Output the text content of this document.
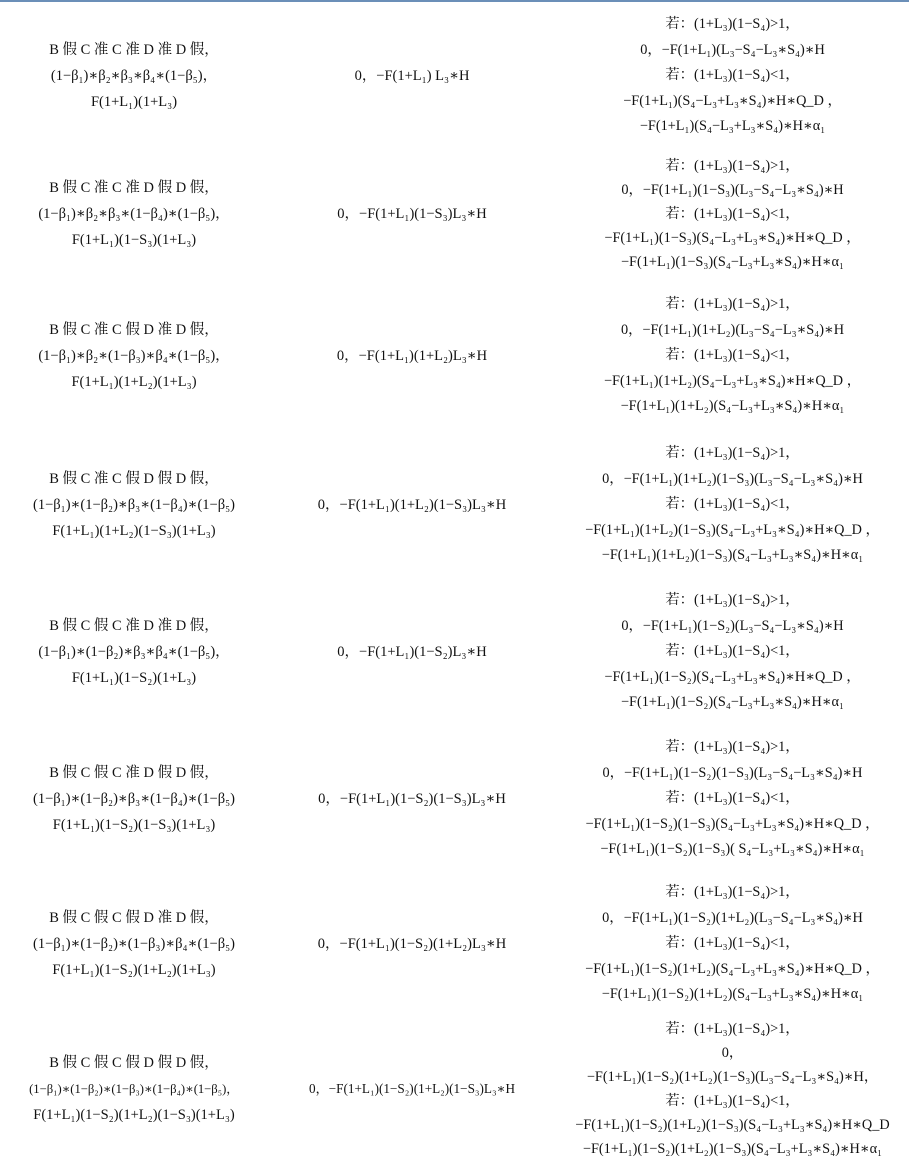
B 假 C 准 C 准 D 准 D 假，
(1−β₁)∗β₂∗β₃∗β₄∗(1−β₅)，
F(1+L₁)(1+L₃)
0，−F(1+L₁) L₃∗H
若：(1+L₃)(1−S₄)>1，
0，−F(1+L₁)(L₃−S₄−L₃∗S₄)∗H
若：(1+L₃)(1−S₄)<1，
−F(1+L₁)(S₄−L₃+L₃∗S₄)∗H∗Q_D ，
−F(1+L₁)(S₄−L₃+L₃∗S₄)∗H∗α₁
B 假 C 准 C 准 D 假 D 假，
(1−β₁)∗β₂∗β₃∗(1−β₄)∗(1−β₅)，
F(1+L₁)(1−S₃)(1+L₃)
0，−F(1+L₁)(1−S₃)L₃∗H
若：(1+L₃)(1−S₄)>1，
0，−F(1+L₁)(1−S₃)(L₃−S₄−L₃∗S₄)∗H
若：(1+L₃)(1−S₄)<1，
−F(1+L₁)(1−S₃)(S₄−L₃+L₃∗S₄)∗H∗Q_D ，
−F(1+L₁)(1−S₃)(S₄−L₃+L₃∗S₄)∗H∗α₁
B 假 C 准 C 假 D 准 D 假，
(1−β₁)∗β₂∗(1−β₃)∗β₄∗(1−β₅)，
F(1+L₁)(1+L₂)(1+L₃)
0，−F(1+L₁)(1+L₂)L₃∗H
若：(1+L₃)(1−S₄)>1，
0，−F(1+L₁)(1+L₂)(L₃−S₄−L₃∗S₄)∗H
若：(1+L₃)(1−S₄)<1，
−F(1+L₁)(1+L₂)(S₄−L₃+L₃∗S₄)∗H∗Q_D ，
−F(1+L₁)(1+L₂)(S₄−L₃+L₃∗S₄)∗H∗α₁
B 假 C 准 C 假 D 假 D 假，
(1−β₁)∗(1−β₂)∗β₃∗(1−β₄)∗(1−β₅)
F(1+L₁)(1+L₂)(1−S₃)(1+L₃)
0，−F(1+L₁)(1+L₂)(1−S₃)L₃∗H
若：(1+L₃)(1−S₄)>1，
0，−F(1+L₁)(1+L₂)(1−S₃)(L₃−S₄−L₃∗S₄)∗H
若：(1+L₃)(1−S₄)<1，
−F(1+L₁)(1+L₂)(1−S₃)(S₄−L₃+L₃∗S₄)∗H∗Q_D ，
−F(1+L₁)(1+L₂)(1−S₃)(S₄−L₃+L₃∗S₄)∗H∗α₁
B 假 C 假 C 准 D 准 D 假，
(1−β₁)∗(1−β₂)∗β₃∗β₄∗(1−β₅)，
F(1+L₁)(1−S₂)(1+L₃)
0，−F(1+L₁)(1−S₂)L₃∗H
若：(1+L₃)(1−S₄)>1，
0，−F(1+L₁)(1−S₂)(L₃−S₄−L₃∗S₄)∗H
若：(1+L₃)(1−S₄)<1，
−F(1+L₁)(1−S₂)(S₄−L₃+L₃∗S₄)∗H∗Q_D ，
−F(1+L₁)(1−S₂)(S₄−L₃+L₃∗S₄)∗H∗α₁
B 假 C 假 C 准 D 假 D 假，
(1−β₁)∗(1−β₂)∗β₃∗(1−β₄)∗(1−β₅)
F(1+L₁)(1−S₂)(1−S₃)(1+L₃)
0，−F(1+L₁)(1−S₂)(1−S₃)L₃∗H
若：(1+L₃)(1−S₄)>1，
0，−F(1+L₁)(1−S₂)(1−S₃)(L₃−S₄−L₃∗S₄)∗H
若：(1+L₃)(1−S₄)<1，
−F(1+L₁)(1−S₂)(1−S₃)(S₄−L₃+L₃∗S₄)∗H∗Q_D ，
−F(1+L₁)(1−S₂)(1−S₃)( S₄−L₃+L₃∗S₄)∗H∗α₁
B 假 C 假 C 假 D 准 D 假，
(1−β₁)∗(1−β₂)∗(1−β₃)∗β₄∗(1−β₅)
F(1+L₁)(1−S₂)(1+L₂)(1+L₃)
0，−F(1+L₁)(1−S₂)(1+L₂)L₃∗H
若：(1+L₃)(1−S₄)>1，
0，−F(1+L₁)(1−S₂)(1+L₂)(L₃−S₄−L₃∗S₄)∗H
若：(1+L₃)(1−S₄)<1，
−F(1+L₁)(1−S₂)(1+L₂)(S₄−L₃+L₃∗S₄)∗H∗Q_D ，
−F(1+L₁)(1−S₂)(1+L₂)(S₄−L₃+L₃∗S₄)∗H∗α₁
B 假 C 假 C 假 D 假 D 假，
(1−β₁)∗(1−β₂)∗(1−β₃)∗(1−β₄)∗(1−β₅)，
F(1+L₁)(1−S₂)(1+L₂)(1−S₃)(1+L₃)
0，−F(1+L₁)(1−S₂)(1+L₂)(1−S₃)L₃∗H
若：(1+L₃)(1−S₄)>1，
0，
−F(1+L₁)(1−S₂)(1+L₂)(1−S₃)(L₃−S₄−L₃∗S₄)∗H，
若：(1+L₃)(1−S₄)<1，
−F(1+L₁)(1−S₂)(1+L₂)(1−S₃)(S₄−L₃+L₃∗S₄)∗H∗Q_D
−F(1+L₁)(1−S₂)(1+L₂)(1−S₃)(S₄−L₃+L₃∗S₄)∗H∗α₁
